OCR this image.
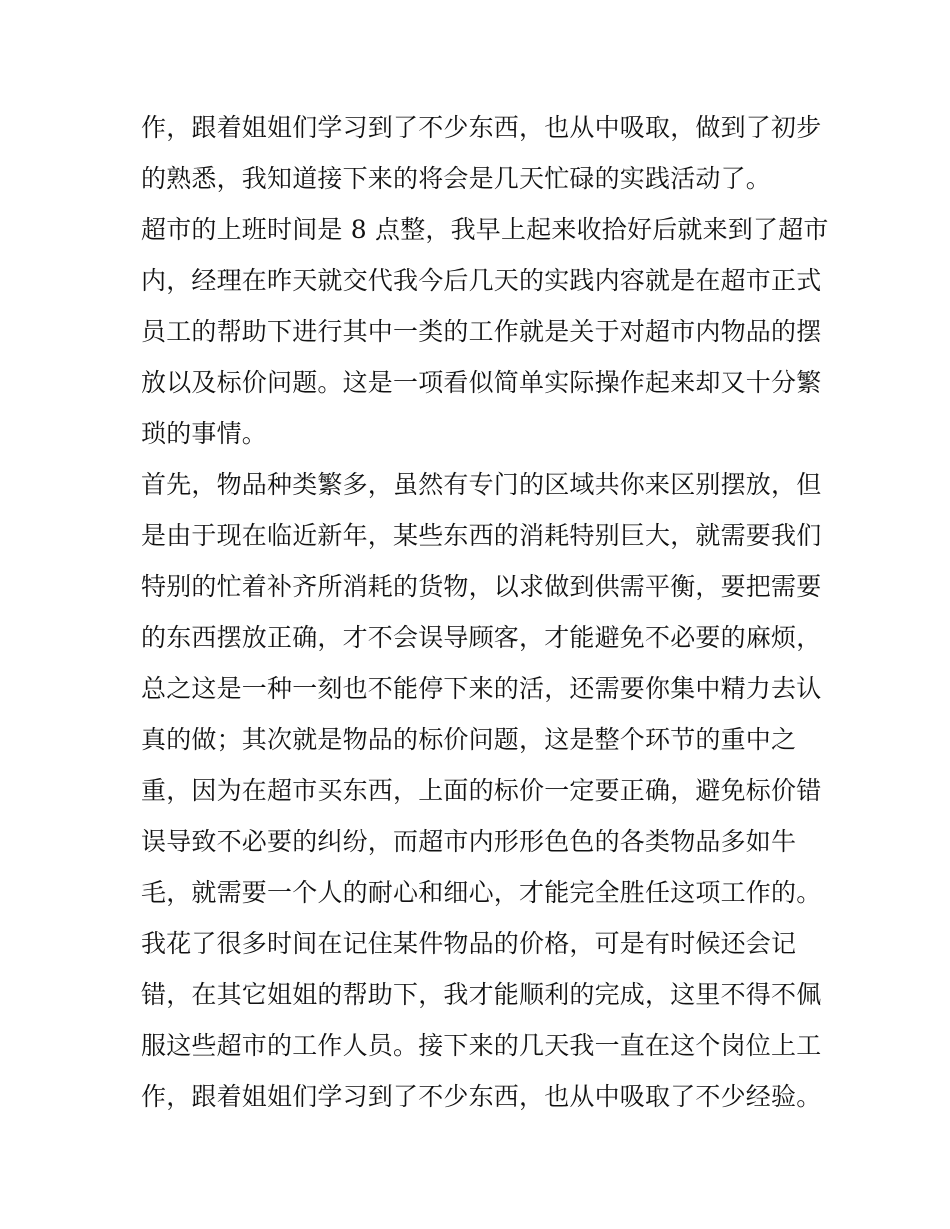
作，跟着姐姐们学习到了不少东西，也从中吸取，做到了初步
的熟悉，我知道接下来的将会是几天忙碌的实践活动了。
超市的上班时间是 8 点整，我早上起来收拾好后就来到了超市
内，经理在昨天就交代我今后几天的实践内容就是在超市正式
员工的帮助下进行其中一类的工作就是关于对超市内物品的摆
放以及标价问题。这是一项看似简单实际操作起来却又十分繁
琐的事情。
首先，物品种类繁多，虽然有专门的区域共你来区别摆放，但
是由于现在临近新年，某些东西的消耗特别巨大，就需要我们
特别的忙着补齐所消耗的货物，以求做到供需平衡，要把需要
的东西摆放正确，才不会误导顾客，才能避免不必要的麻烦，
总之这是一种一刻也不能停下来的活，还需要你集中精力去认
真的做；其次就是物品的标价问题，这是整个环节的重中之
重，因为在超市买东西，上面的标价一定要正确，避免标价错
误导致不必要的纠纷，而超市内形形色色的各类物品多如牛
毛，就需要一个人的耐心和细心，才能完全胜任这项工作的。
我花了很多时间在记住某件物品的价格，可是有时候还会记
错，在其它姐姐的帮助下，我才能顺利的完成，这里不得不佩
服这些超市的工作人员。接下来的几天我一直在这个岗位上工
作，跟着姐姐们学习到了不少东西，也从中吸取了不少经验。
